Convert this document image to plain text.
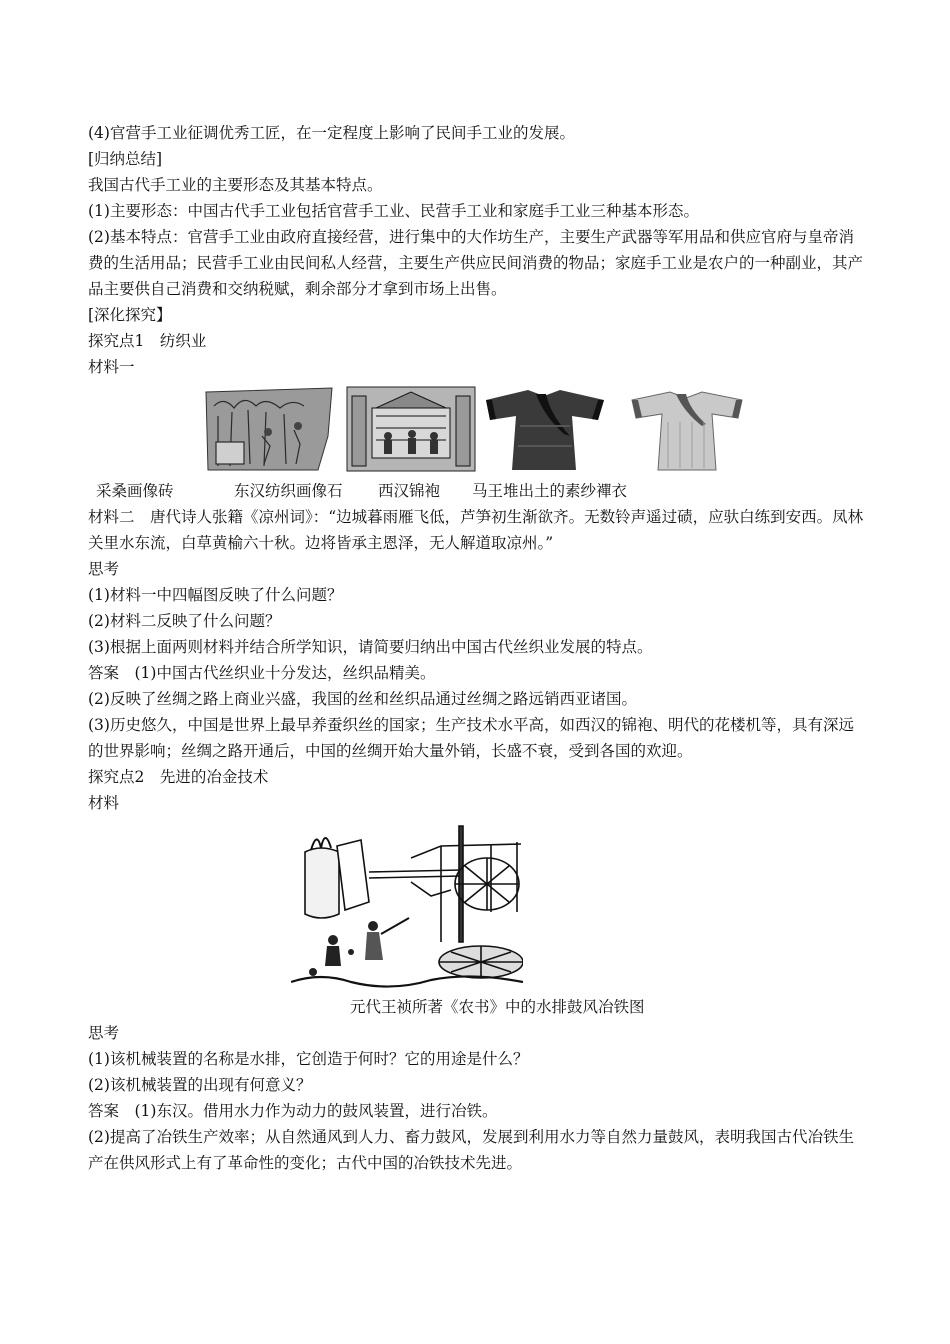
(4)官营手工业征调优秀工匠，在一定程度上影响了民间手工业的发展。

[归纳总结]

我国古代手工业的主要形态及其基本特点。

(1)主要形态：中国古代手工业包括官营手工业、民营手工业和家庭手工业三种基本形态。

(2)基本特点：官营手工业由政府直接经营，进行集中的大作坊生产，主要生产武器等军用品和供应官府与皇帝消费的生活用品；民营手工业由民间私人经营，主要生产供应民间消费的物品；家庭手工业是农户的一种副业，其产品主要供自己消费和交纳税赋，剩余部分才拿到市场上出售。

[深化探究】

探究点1　纺织业

材料一

采桑画像砖	东汉纺织画像石 西汉锦袍 马王堆出土的素纱襌衣

材料二　唐代诗人张籍《凉州词》：“边城暮雨雁飞低，芦笋初生渐欲齐。无数铃声遥过碛，应驮白练到安西。凤林关里水东流，白草黄榆六十秋。边将皆承主恩泽，无人解道取凉州。”

思考

(1)材料一中四幅图反映了什么问题？

(2)材料二反映了什么问题？

(3)根据上面两则材料并结合所学知识，请简要归纳出中国古代丝织业发展的特点。

答案　(1)中国古代丝织业十分发达，丝织品精美。

(2)反映了丝绸之路上商业兴盛，我国的丝和丝织品通过丝绸之路远销西亚诸国。

(3)历史悠久，中国是世界上最早养蚕织丝的国家；生产技术水平高，如西汉的锦袍、明代的花楼机等，具有深远的世界影响；丝绸之路开通后，中国的丝绸开始大量外销，长盛不衰，受到各国的欢迎。

探究点2　先进的冶金技术

材料

元代王祯所著《农书》中的水排鼓风冶铁图

思考

(1)该机械装置的名称是水排，它创造于何时？它的用途是什么？

(2)该机械装置的出现有何意义？

答案　(1)东汉。借用水力作为动力的鼓风装置，进行冶铁。

(2)提高了冶铁生产效率；从自然通风到人力、畜力鼓风，发展到利用水力等自然力量鼓风，表明我国古代冶铁生产在供风形式上有了革命性的变化；古代中国的冶铁技术先进。
